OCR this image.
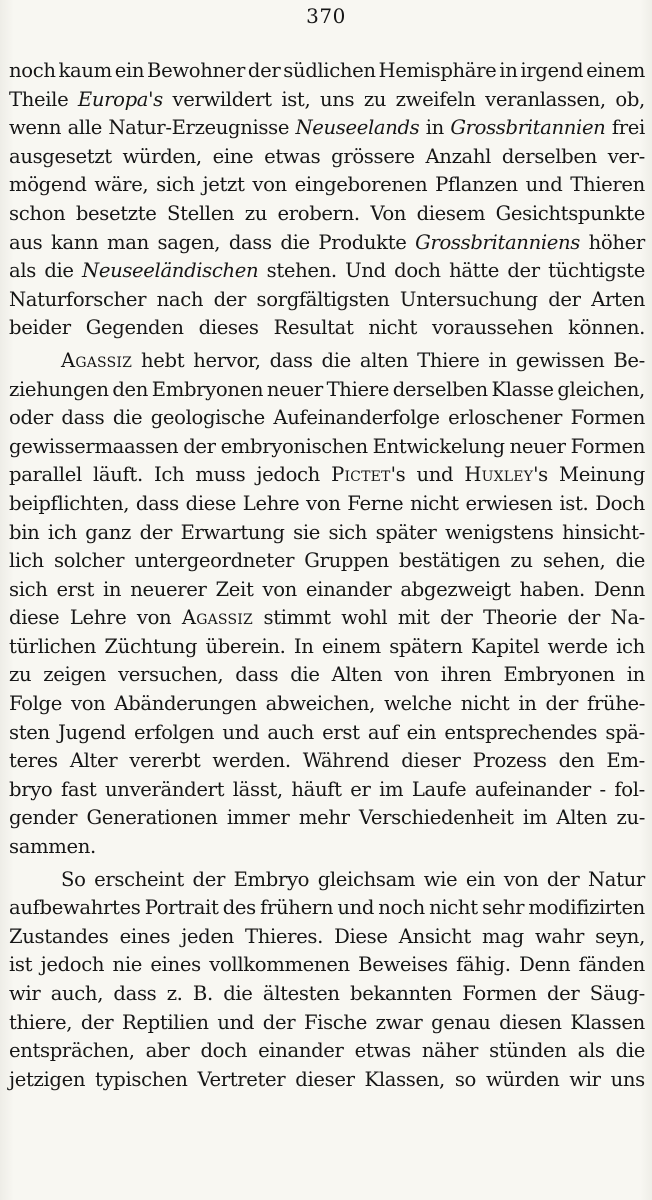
370
noch kaum ein Bewohner der südlichen Hemisphäre in irgend einem
Theile Europa's verwildert ist, uns zu zweifeln veranlassen, ob,
wenn alle Natur-Erzeugnisse Neuseelands in Grossbritannien frei
ausgesetzt würden, eine etwas grössere Anzahl derselben ver-
mögend wäre, sich jetzt von eingeborenen Pflanzen und Thieren
schon besetzte Stellen zu erobern. Von diesem Gesichtspunkte
aus kann man sagen, dass die Produkte Grossbritanniens höher
als die Neuseeländischen stehen. Und doch hätte der tüchtigste
Naturforscher nach der sorgfältigsten Untersuchung der Arten
beider Gegenden dieses Resultat nicht voraussehen können.
Agassiz hebt hervor, dass die alten Thiere in gewissen Be-
ziehungen den Embryonen neuer Thiere derselben Klasse gleichen,
oder dass die geologische Aufeinanderfolge erloschener Formen
gewissermaassen der embryonischen Entwickelung neuer Formen
parallel läuft. Ich muss jedoch Pictet's und Huxley's Meinung
beipflichten, dass diese Lehre von Ferne nicht erwiesen ist. Doch
bin ich ganz der Erwartung sie sich später wenigstens hinsicht-
lich solcher untergeordneter Gruppen bestätigen zu sehen, die
sich erst in neuerer Zeit von einander abgezweigt haben. Denn
diese Lehre von Agassiz stimmt wohl mit der Theorie der Na-
türlichen Züchtung überein. In einem spätern Kapitel werde ich
zu zeigen versuchen, dass die Alten von ihren Embryonen in
Folge von Abänderungen abweichen, welche nicht in der frühe-
sten Jugend erfolgen und auch erst auf ein entsprechendes spä-
teres Alter vererbt werden. Während dieser Prozess den Em-
bryo fast unverändert lässt, häuft er im Laufe aufeinander - fol-
gender Generationen immer mehr Verschiedenheit im Alten zu-
sammen.
So erscheint der Embryo gleichsam wie ein von der Natur
aufbewahrtes Portrait des frühern und noch nicht sehr modifizirten
Zustandes eines jeden Thieres. Diese Ansicht mag wahr seyn,
ist jedoch nie eines vollkommenen Beweises fähig. Denn fänden
wir auch, dass z. B. die ältesten bekannten Formen der Säug-
thiere, der Reptilien und der Fische zwar genau diesen Klassen
entsprächen, aber doch einander etwas näher stünden als die
jetzigen typischen Vertreter dieser Klassen, so würden wir uns
